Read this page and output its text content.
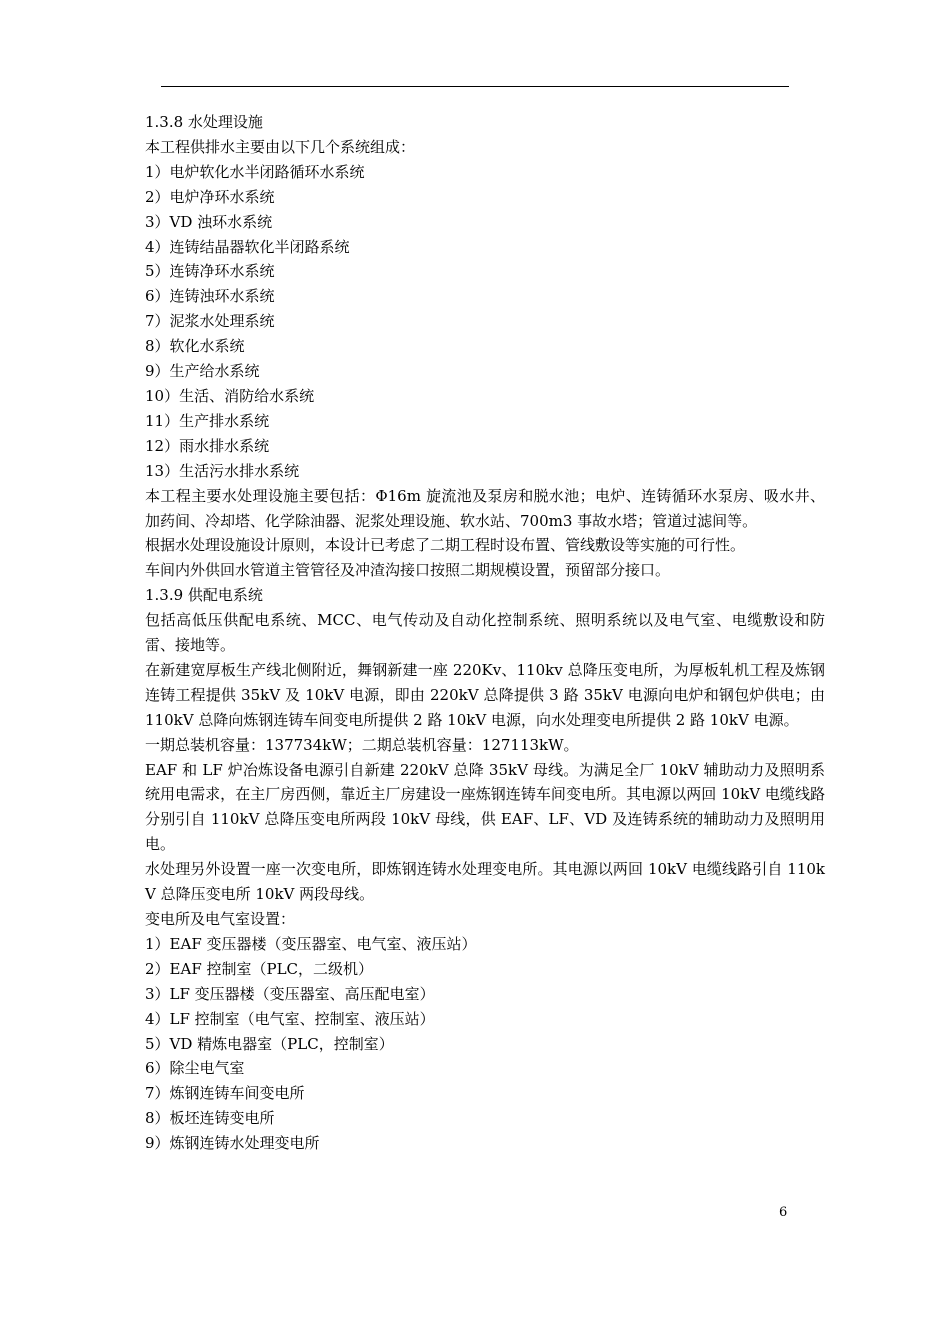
1.3.8 水处理设施
本工程供排水主要由以下几个系统组成：
1）电炉软化水半闭路循环水系统
2）电炉净环水系统
3）VD 浊环水系统
4）连铸结晶器软化半闭路系统
5）连铸净环水系统
6）连铸浊环水系统
7）泥浆水处理系统
8）软化水系统
9）生产给水系统
10）生活、消防给水系统
11）生产排水系统
12）雨水排水系统
13）生活污水排水系统
本工程主要水处理设施主要包括：Φ16m 旋流池及泵房和脱水池；电炉、连铸循环水泵房、吸水井、加药间、冷却塔、化学除油器、泥浆处理设施、软水站、700m3 事故水塔；管道过滤间等。
根据水处理设施设计原则，本设计已考虑了二期工程时设布置、管线敷设等实施的可行性。
车间内外供回水管道主管管径及冲渣沟接口按照二期规模设置，预留部分接口。
1.3.9 供配电系统
包括高低压供配电系统、MCC、电气传动及自动化控制系统、照明系统以及电气室、电缆敷设和防雷、接地等。
在新建宽厚板生产线北侧附近，舞钢新建一座 220Kv、110kv 总降压变电所，为厚板轧机工程及炼钢连铸工程提供 35kV 及 10kV 电源，即由 220kV 总降提供 3 路 35kV 电源向电炉和钢包炉供电；由 110kV 总降向炼钢连铸车间变电所提供 2 路 10kV 电源，向水处理变电所提供 2 路 10kV 电源。
一期总装机容量：137734kW；二期总装机容量：127113kW。
EAF 和 LF 炉冶炼设备电源引自新建 220kV 总降 35kV 母线。为满足全厂 10kV 辅助动力及照明系统用电需求，在主厂房西侧，靠近主厂房建设一座炼钢连铸车间变电所。其电源以两回 10kV 电缆线路分别引自 110kV 总降压变电所两段 10kV 母线，供 EAF、LF、VD 及连铸系统的辅助动力及照明用电。
水处理另外设置一座一次变电所，即炼钢连铸水处理变电所。其电源以两回 10kV 电缆线路引自 110kV 总降压变电所 10kV 两段母线。
变电所及电气室设置：
1）EAF 变压器楼（变压器室、电气室、液压站）
2）EAF 控制室（PLC，二级机）
3）LF 变压器楼（变压器室、高压配电室）
4）LF 控制室（电气室、控制室、液压站）
5）VD 精炼电器室（PLC，控制室）
6）除尘电气室
7）炼钢连铸车间变电所
8）板坯连铸变电所
9）炼钢连铸水处理变电所
6
